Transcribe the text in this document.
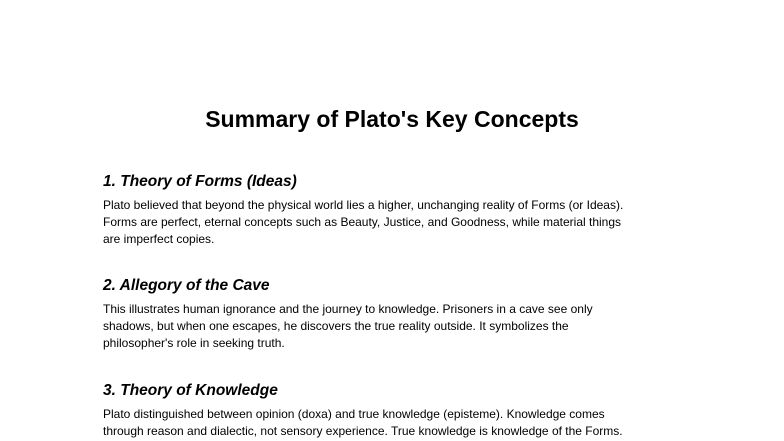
Summary of Plato's Key Concepts
1. Theory of Forms (Ideas)

Plato believed that beyond the physical world lies a higher, unchanging reality of Forms (or Ideas).
Forms are perfect, eternal concepts such as Beauty, Justice, and Goodness, while material things
are imperfect copies.

2. Allegory of the Cave

This illustrates human ignorance and the journey to knowledge. Prisoners in a cave see only
shadows, but when one escapes, he discovers the true reality outside. It symbolizes the
philosopher's role in seeking truth.

3. Theory of Knowledge

Plato distinguished between opinion (doxa) and true knowledge (episteme). Knowledge comes
through reason and dialectic, not sensory experience. True knowledge is knowledge of the Forms.
